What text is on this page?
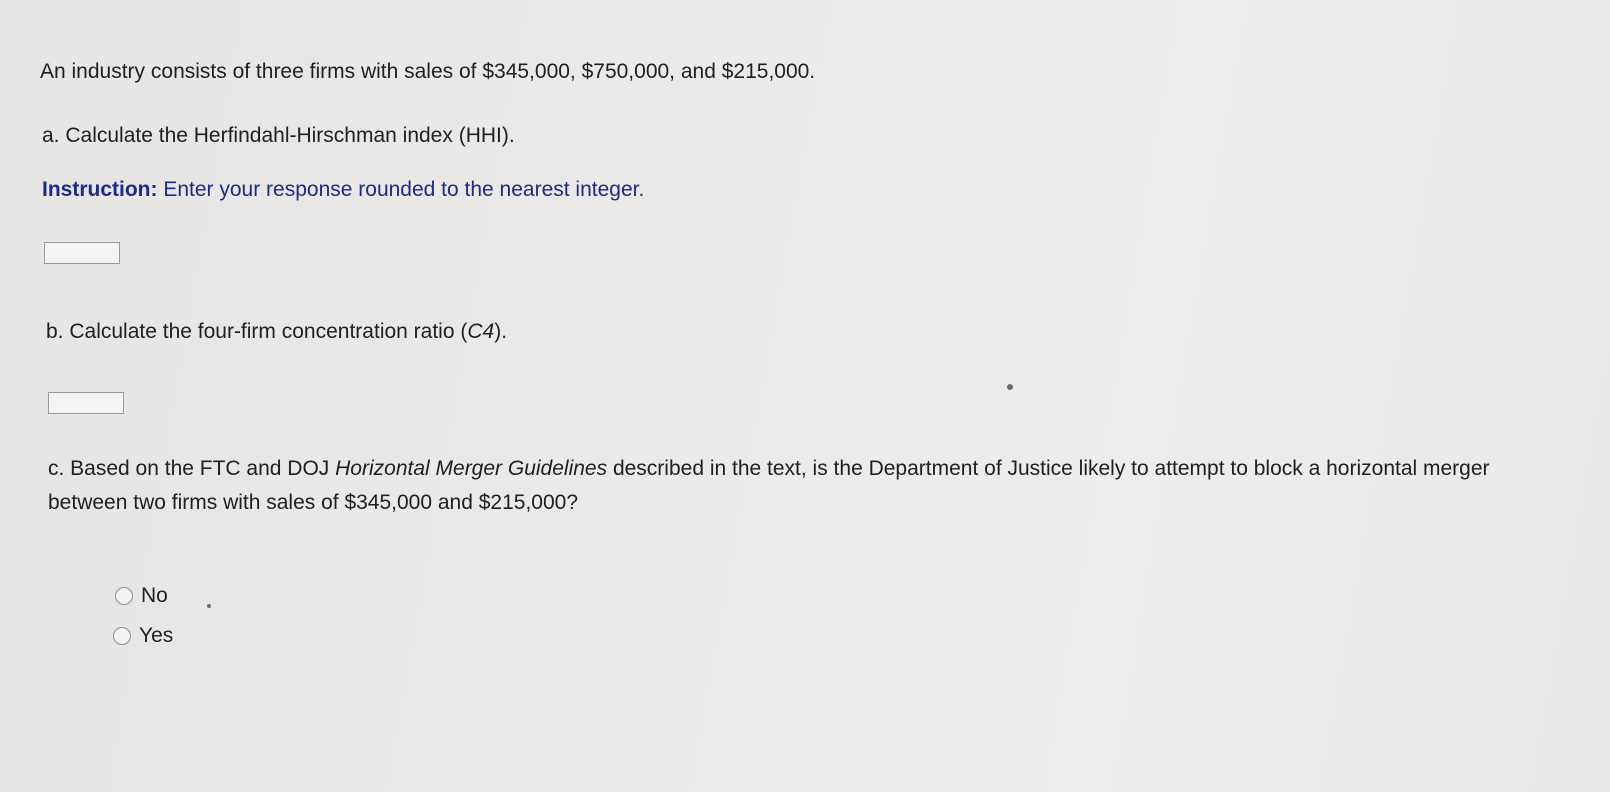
An industry consists of three firms with sales of $345,000, $750,000, and $215,000.
a. Calculate the Herfindahl-Hirschman index (HHI).
Instruction: Enter your response rounded to the nearest integer.
b. Calculate the four-firm concentration ratio (C4).
c. Based on the FTC and DOJ Horizontal Merger Guidelines described in the text, is the Department of Justice likely to attempt to block a horizontal merger between two firms with sales of $345,000 and $215,000?
No
Yes
